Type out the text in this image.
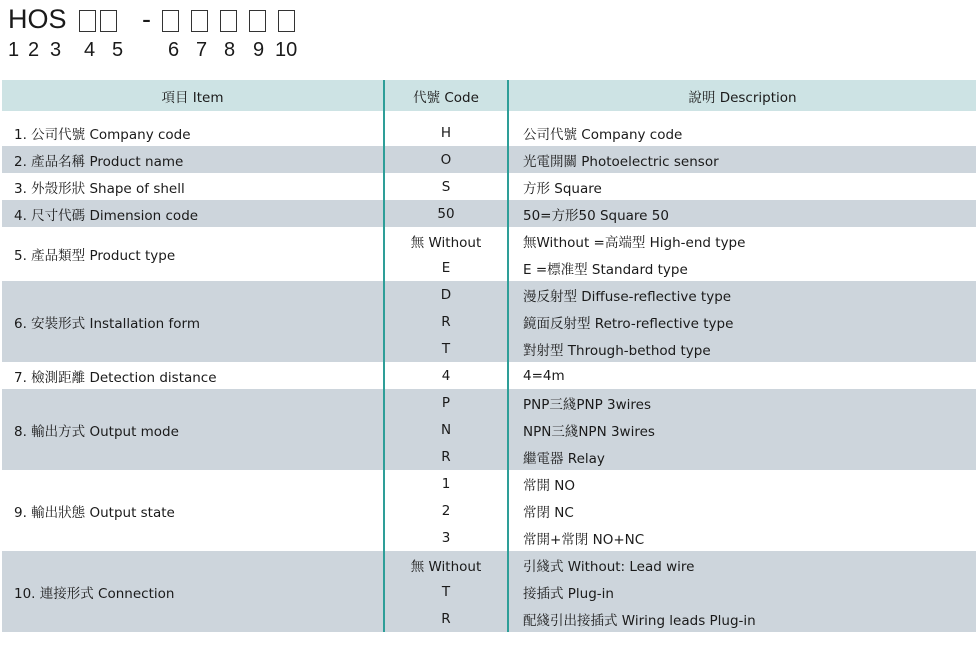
HOS	-
1 2 3 4 5 6 7 8 9 10
項目 Item	代號 Code	說明 Description

1. 公司代號 Company code	H	公司代號 Company code
2. 產品名稱 Product name	O	光電開關 Photoelectric sensor
3. 外殼形狀 Shape of shell	S	方形 Square
4. 尺寸代碼 Dimension code	50	50=方形50 Square 50
5. 產品類型 Product type	無 Without	無Without =高端型 High-end type
	E	E =標准型 Standard type
6. 安裝形式 Installation form	D	漫反射型 Diffuse-reflective type
	R	鏡面反射型 Retro-reflective type
	T	對射型 Through-bethod type
7. 檢測距離 Detection distance	4	4=4m
8. 輸出方式 Output mode	P	PNP三綫PNP 3wires
	N	NPN三綫NPN 3wires
	R	繼電器 Relay
9. 輸出狀態 Output state	1	常開 NO
	2	常閉 NC
	3	常開+常閉 NO+NC
10. 連接形式 Connection	無 Without	引綫式 Without: Lead wire
	T	接插式 Plug-in
	R	配綫引出接插式 Wiring leads Plug-in
